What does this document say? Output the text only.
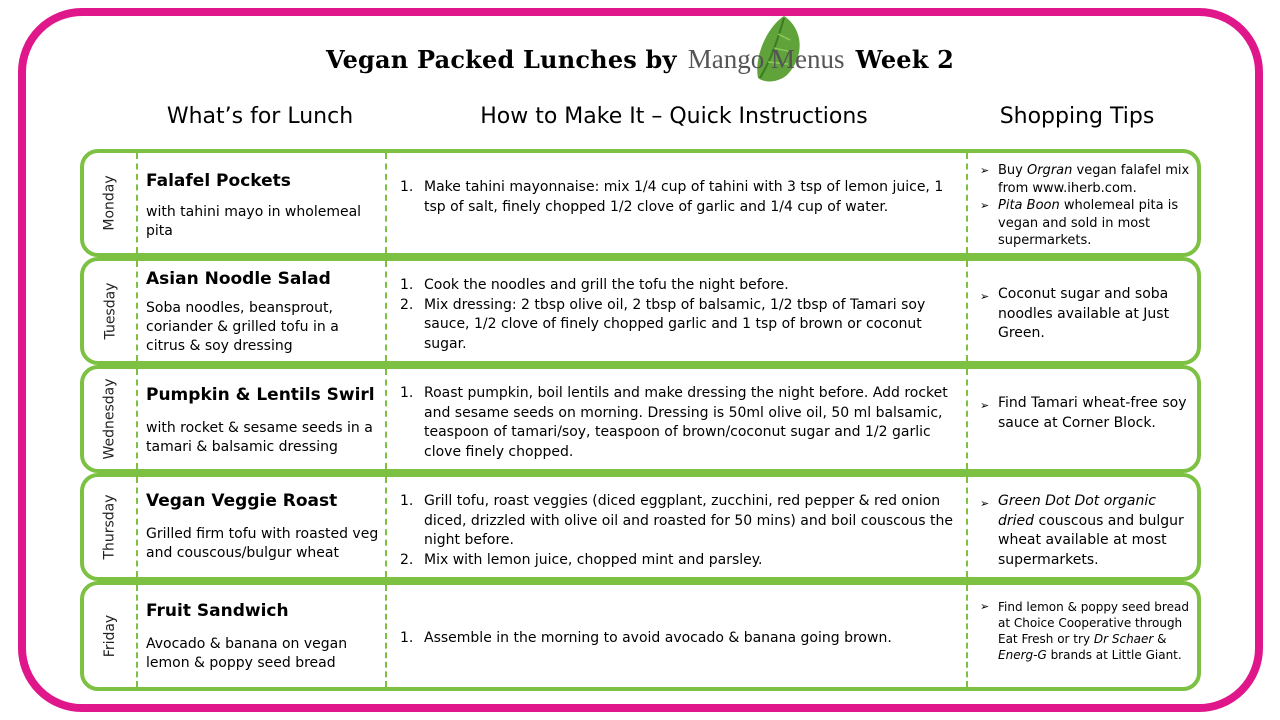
Vegan Packed Lunches by Mango Menus Week 2
What’s for Lunch	How to Make It – Quick Instructions	Shopping Tips
Monday Falafel Pockets
with tahini mayo in wholemeal pita
1. Make tahini mayonnaise: mix 1/4 cup of tahini with 3 tsp of lemon juice, 1 tsp of salt, finely chopped 1/2 clove of garlic and 1/4 cup of water.
➢ Buy Orgran vegan falafel mix from www.iherb.com.
➢ Pita Boon wholemeal pita is vegan and sold in most supermarkets.
Tuesday
Asian Noodle Salad
Soba noodles, beansprout, coriander & grilled tofu in a citrus & soy dressing
1. Cook the noodles and grill the tofu the night before.
2. Mix dressing: 2 tbsp olive oil, 2 tbsp of balsamic, 1/2 tbsp of Tamari soy sauce, 1/2 clove of finely chopped garlic and 1 tsp of brown or coconut sugar.
➢ Coconut sugar and soba noodles available at Just Green.
Wednesday Pumpkin & Lentils Swirl
with rocket & sesame seeds in a tamari & balsamic dressing
1. Roast pumpkin, boil lentils and make dressing the night before. Add rocket and sesame seeds on morning. Dressing is 50ml olive oil, 50 ml balsamic, teaspoon of tamari/soy, teaspoon of brown/coconut sugar and 1/2 garlic clove finely chopped.
➢ Find Tamari wheat-free soy sauce at Corner Block.
Thursday Vegan Veggie Roast
Grilled firm tofu with roasted veg and couscous/bulgur wheat
1. Grill tofu, roast veggies (diced eggplant, zucchini, red pepper & red onion diced, drizzled with olive oil and roasted for 50 mins) and boil couscous the night before.
2. Mix with lemon juice, chopped mint and parsley.
➢ Green Dot Dot organic dried couscous and bulgur wheat available at most supermarkets.
Friday
Fruit Sandwich
Avocado & banana on vegan lemon & poppy seed bread
1. Assemble in the morning to avoid avocado & banana going brown.
➢ Find lemon & poppy seed bread at Choice Cooperative through Eat Fresh or try Dr Schaer & Energ-G brands at Little Giant.
